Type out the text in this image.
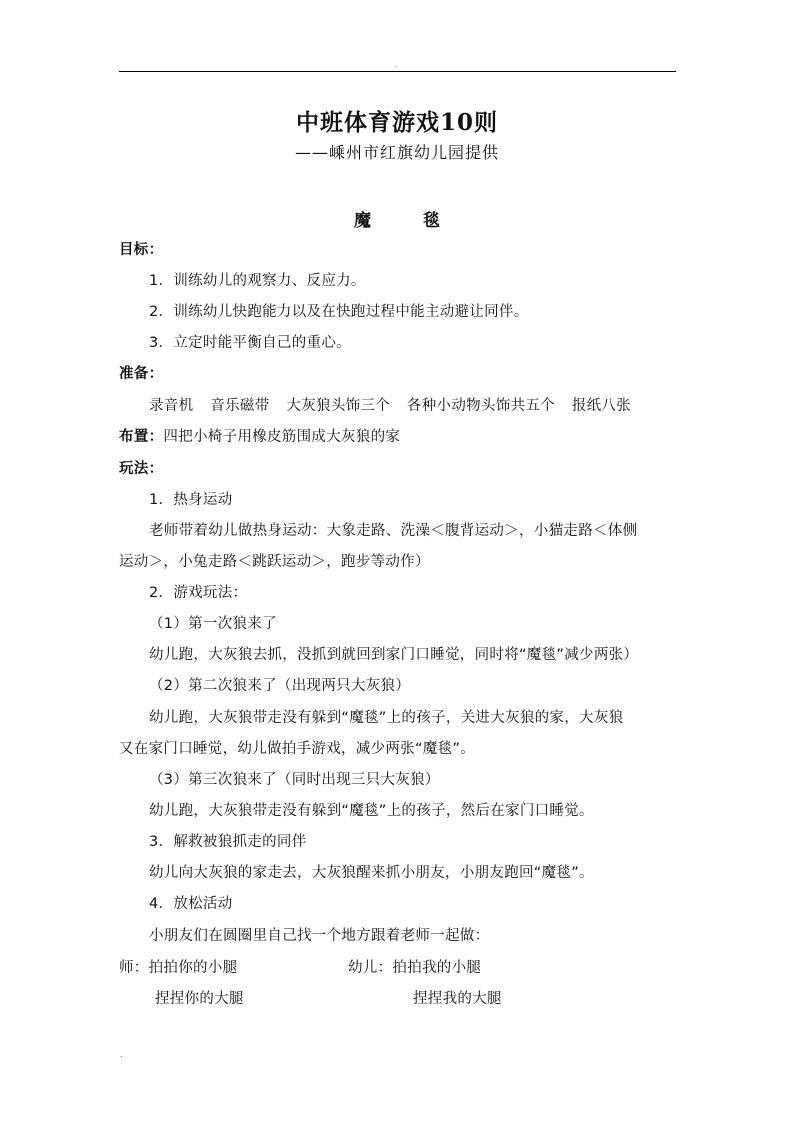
.
中班体育游戏10则
——嵊州市红旗幼儿园提供
魔	毯
目标：
1．训练幼儿的观察力、反应力。
2．训练幼儿快跑能力以及在快跑过程中能主动避让同伴。
3．立定时能平衡自己的重心。
准备：
录音机 音乐磁带 大灰狼头饰三个 各种小动物头饰共五个 报纸八张
布置：四把小椅子用橡皮筋围成大灰狼的家
玩法：
1．热身运动
老师带着幼儿做热身运动：大象走路、洗澡＜腹背运动＞，小猫走路＜体侧
运动＞，小兔走路＜跳跃运动＞，跑步等动作）
2．游戏玩法：
（1）第一次狼来了
幼儿跑，大灰狼去抓，没抓到就回到家门口睡觉，同时将“魔毯”减少两张）
（2）第二次狼来了（出现两只大灰狼）
幼儿跑，大灰狼带走没有躲到“魔毯”上的孩子，关进大灰狼的家，大灰狼
又在家门口睡觉，幼儿做拍手游戏，减少两张“魔毯”。
（3）第三次狼来了（同时出现三只大灰狼）
幼儿跑，大灰狼带走没有躲到“魔毯”上的孩子，然后在家门口睡觉。
3．解救被狼抓走的同伴
幼儿向大灰狼的家走去，大灰狼醒来抓小朋友，小朋友跑回“魔毯”。
4．放松活动
小朋友们在圆圈里自己找一个地方跟着老师一起做：
师：拍拍你的小腿	幼儿：拍拍我的小腿
捏捏你的大腿	捏捏我的大腿
.
